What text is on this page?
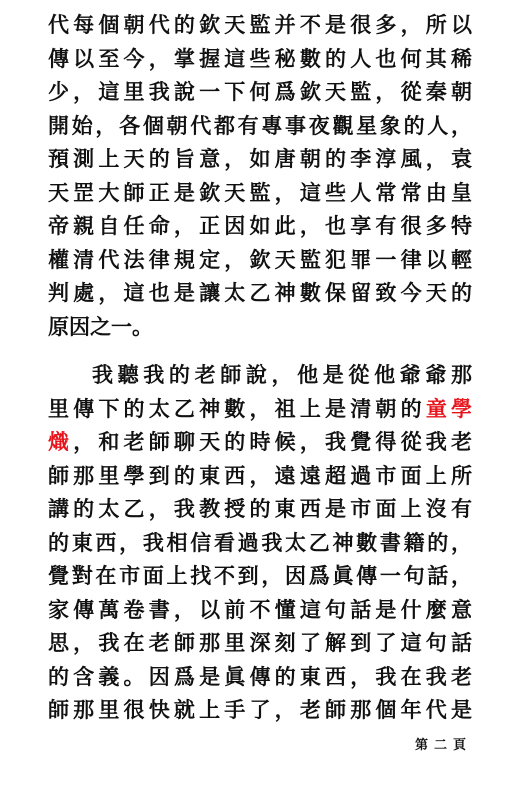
代每個朝代的欽天監并不是很多，所以
傳以至今，掌握這些秘數的人也何其稀
少，這里我說一下何爲欽天監，從秦朝
開始，各個朝代都有專事夜觀星象的人，
預測上天的旨意，如唐朝的李淳風，袁
天罡大師正是欽天監，這些人常常由皇
帝親自任命，正因如此，也享有很多特
權清代法律規定，欽天監犯罪一律以輕
判處，這也是讓太乙神數保留致今天的
原因之一。
我聽我的老師說，他是從他爺爺那
里傳下的太乙神數，祖上是清朝的童學
熾，和老師聊天的時候，我覺得從我老
師那里學到的東西，遠遠超過市面上所
講的太乙，我教授的東西是市面上沒有
的東西，我相信看過我太乙神數書籍的，
覺對在市面上找不到，因爲眞傳一句話，
家傳萬卷書，以前不懂這句話是什麼意
思，我在老師那里深刻了解到了這句話
的含義。因爲是眞傳的東西，我在我老
師那里很快就上手了，老師那個年代是
第二頁
